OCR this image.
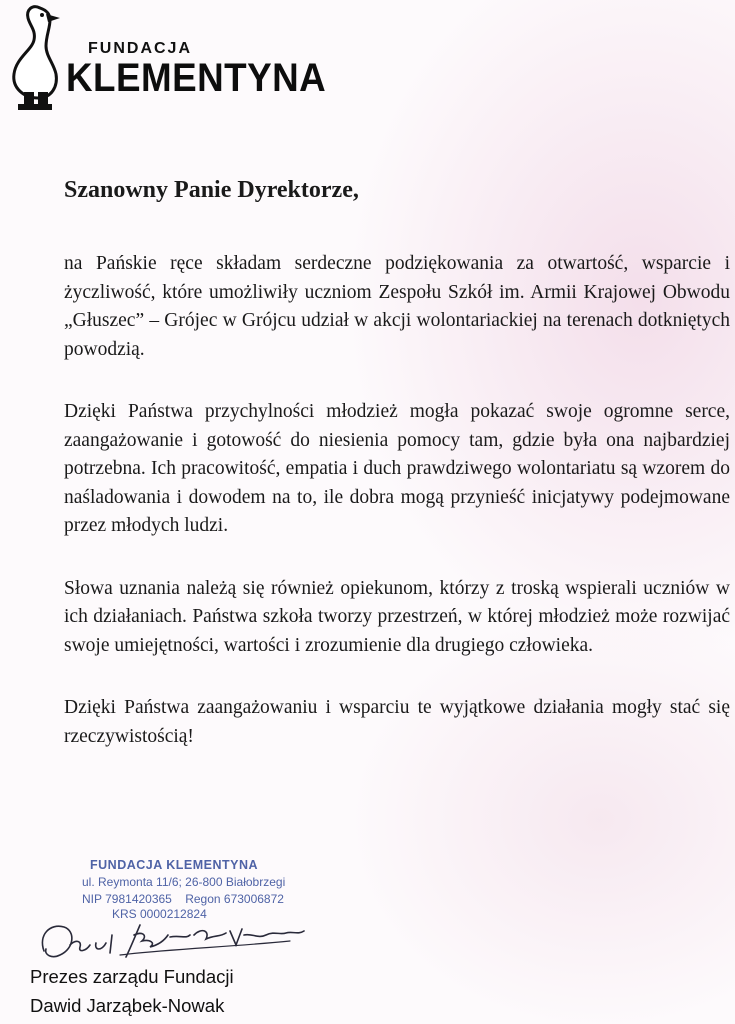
FUNDACJA
KLEMENTYNA
Szanowny Panie Dyrektorze,

na Pańskie ręce składam serdeczne podziękowania za otwartość, wsparcie i życzliwość, które umożliwiły uczniom Zespołu Szkół im. Armii Krajowej Obwodu „Głuszec” – Grójec w Grójcu udział w akcji wolontariackiej na terenach dotkniętych powodzią.

Dzięki Państwa przychylności młodzież mogła pokazać swoje ogromne serce, zaangażowanie i gotowość do niesienia pomocy tam, gdzie była ona najbardziej potrzebna. Ich pracowitość, empatia i duch prawdziwego wolontariatu są wzorem do naśladowania i dowodem na to, ile dobra mogą przynieść inicjatywy podejmowane przez młodych ludzi.

Słowa uznania należą się również opiekunom, którzy z troską wspierali uczniów w ich działaniach. Państwa szkoła tworzy przestrzeń, w której młodzież może rozwijać swoje umiejętności, wartości i zrozumienie dla drugiego człowieka.

Dzięki Państwa zaangażowaniu i wsparciu te wyjątkowe działania mogły stać się rzeczywistością!

FUNDACJA KLEMENTYNA
ul. Reymonta 11/6; 26-800 Białobrzegi
NIP 7981420365    Regon 673006872
KRS 0000212824
Prezes zarządu Fundacji
Dawid Jarząbek-Nowak
